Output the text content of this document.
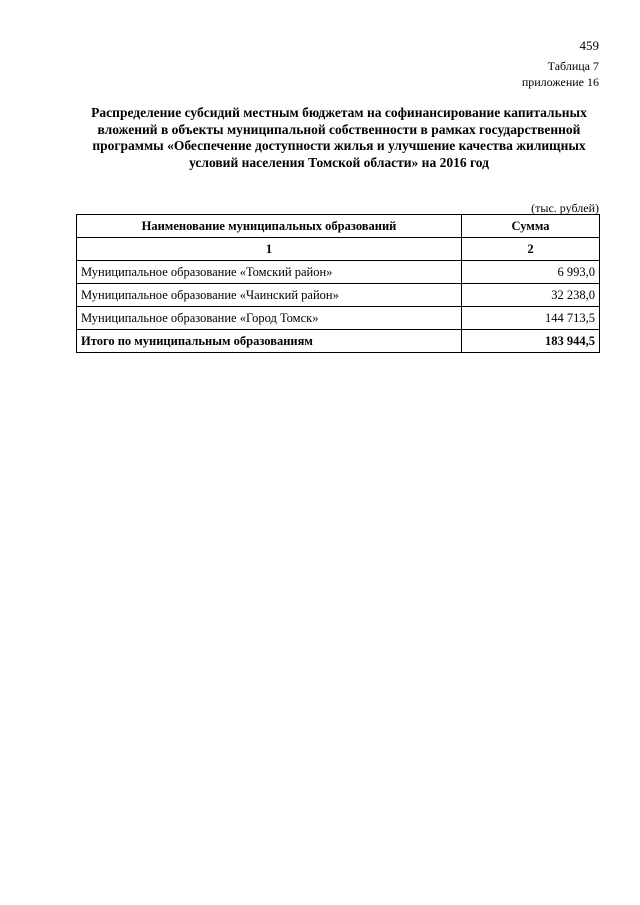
459
Таблица 7
приложение 16
Распределение субсидий местным бюджетам на софинансирование капитальных
вложений в объекты муниципальной собственности в рамках государственной
программы «Обеспечение доступности жилья и улучшение качества жилищных
условий населения Томской области» на 2016 год
(тыс. рублей)
Наименование муниципальных образований	Сумма
1	2
Муниципальное образование «Томский район»	6 993,0
Муниципальное образование «Чаинский район»	32 238,0
Муниципальное образование «Город Томск»	144 713,5
Итого по муниципальным образованиям	183 944,5
